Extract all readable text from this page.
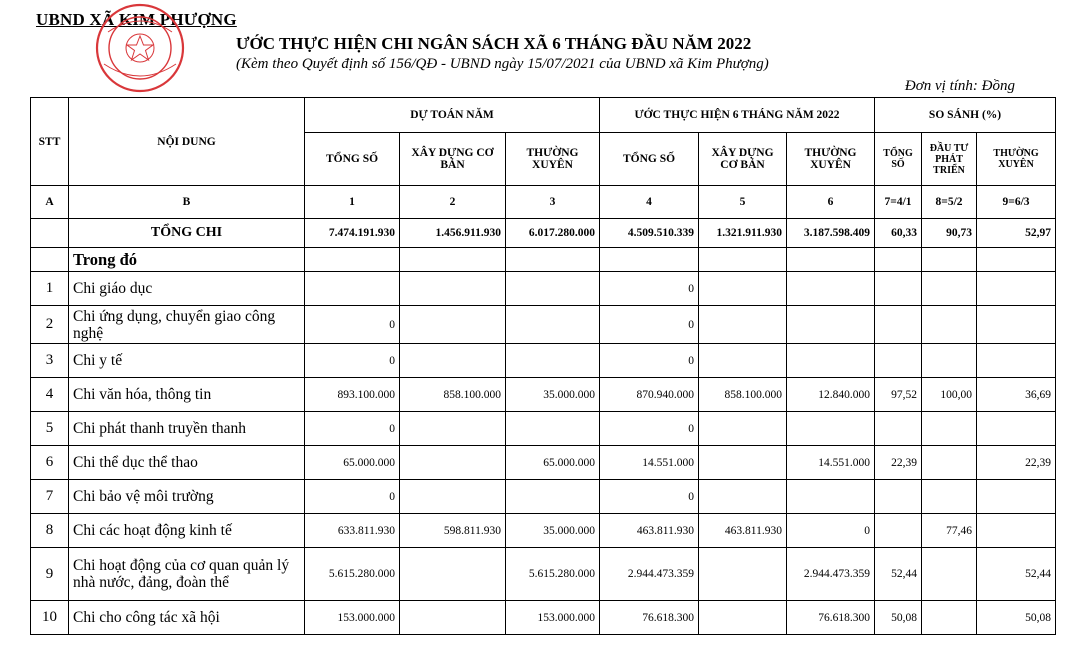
UBND XÃ KIM PHƯỢNG
ƯỚC THỰC HIỆN CHI NGÂN SÁCH XÃ 6 THÁNG ĐẦU NĂM 2022
(Kèm theo Quyết định số 156/QĐ - UBND ngày 15/07/2021 của UBND xã Kim Phượng)
Đơn vị tính: Đồng
STT	NỘI DUNG	DỰ TOÁN NĂM			ƯỚC THỰC HIỆN 6 THÁNG NĂM 2022			SO SÁNH (%)		
		TỔNG SỐ	XÂY DỰNG CƠ BẢN	THƯỜNG XUYÊN	TỔNG SỐ	XÂY DỰNG CƠ BẢN	THƯỜNG XUYÊN	TỔNG SỐ	ĐẦU TƯ PHÁT TRIỂN	THƯỜNG XUYÊN
A	B	1	2	3	4	5	6	7=4/1	8=5/2	9=6/3
	TỔNG CHI	7.474.191.930	1.456.911.930	6.017.280.000	4.509.510.339	1.321.911.930	3.187.598.409	60,33	90,73	52,97
	Trong đó									
1	Chi giáo dục				0					
2	Chi ứng dụng, chuyển giao công nghệ	0			0					
3	Chi y tế	0			0					
4	Chi văn hóa, thông tin	893.100.000	858.100.000	35.000.000	870.940.000	858.100.000	12.840.000	97,52	100,00	36,69
5	Chi phát thanh truyền thanh	0			0					
6	Chi thể dục thể thao	65.000.000		65.000.000	14.551.000		14.551.000	22,39		22,39
7	Chi bảo vệ môi trường	0			0					
8	Chi các hoạt động kinh tế	633.811.930	598.811.930	35.000.000	463.811.930	463.811.930	0		77,46	
9	Chi hoạt động của cơ quan quản lý nhà nước, đảng, đoàn thể	5.615.280.000		5.615.280.000	2.944.473.359		2.944.473.359	52,44		52,44
10	Chi cho công tác xã hội	153.000.000		153.000.000	76.618.300		76.618.300	50,08		50,08
